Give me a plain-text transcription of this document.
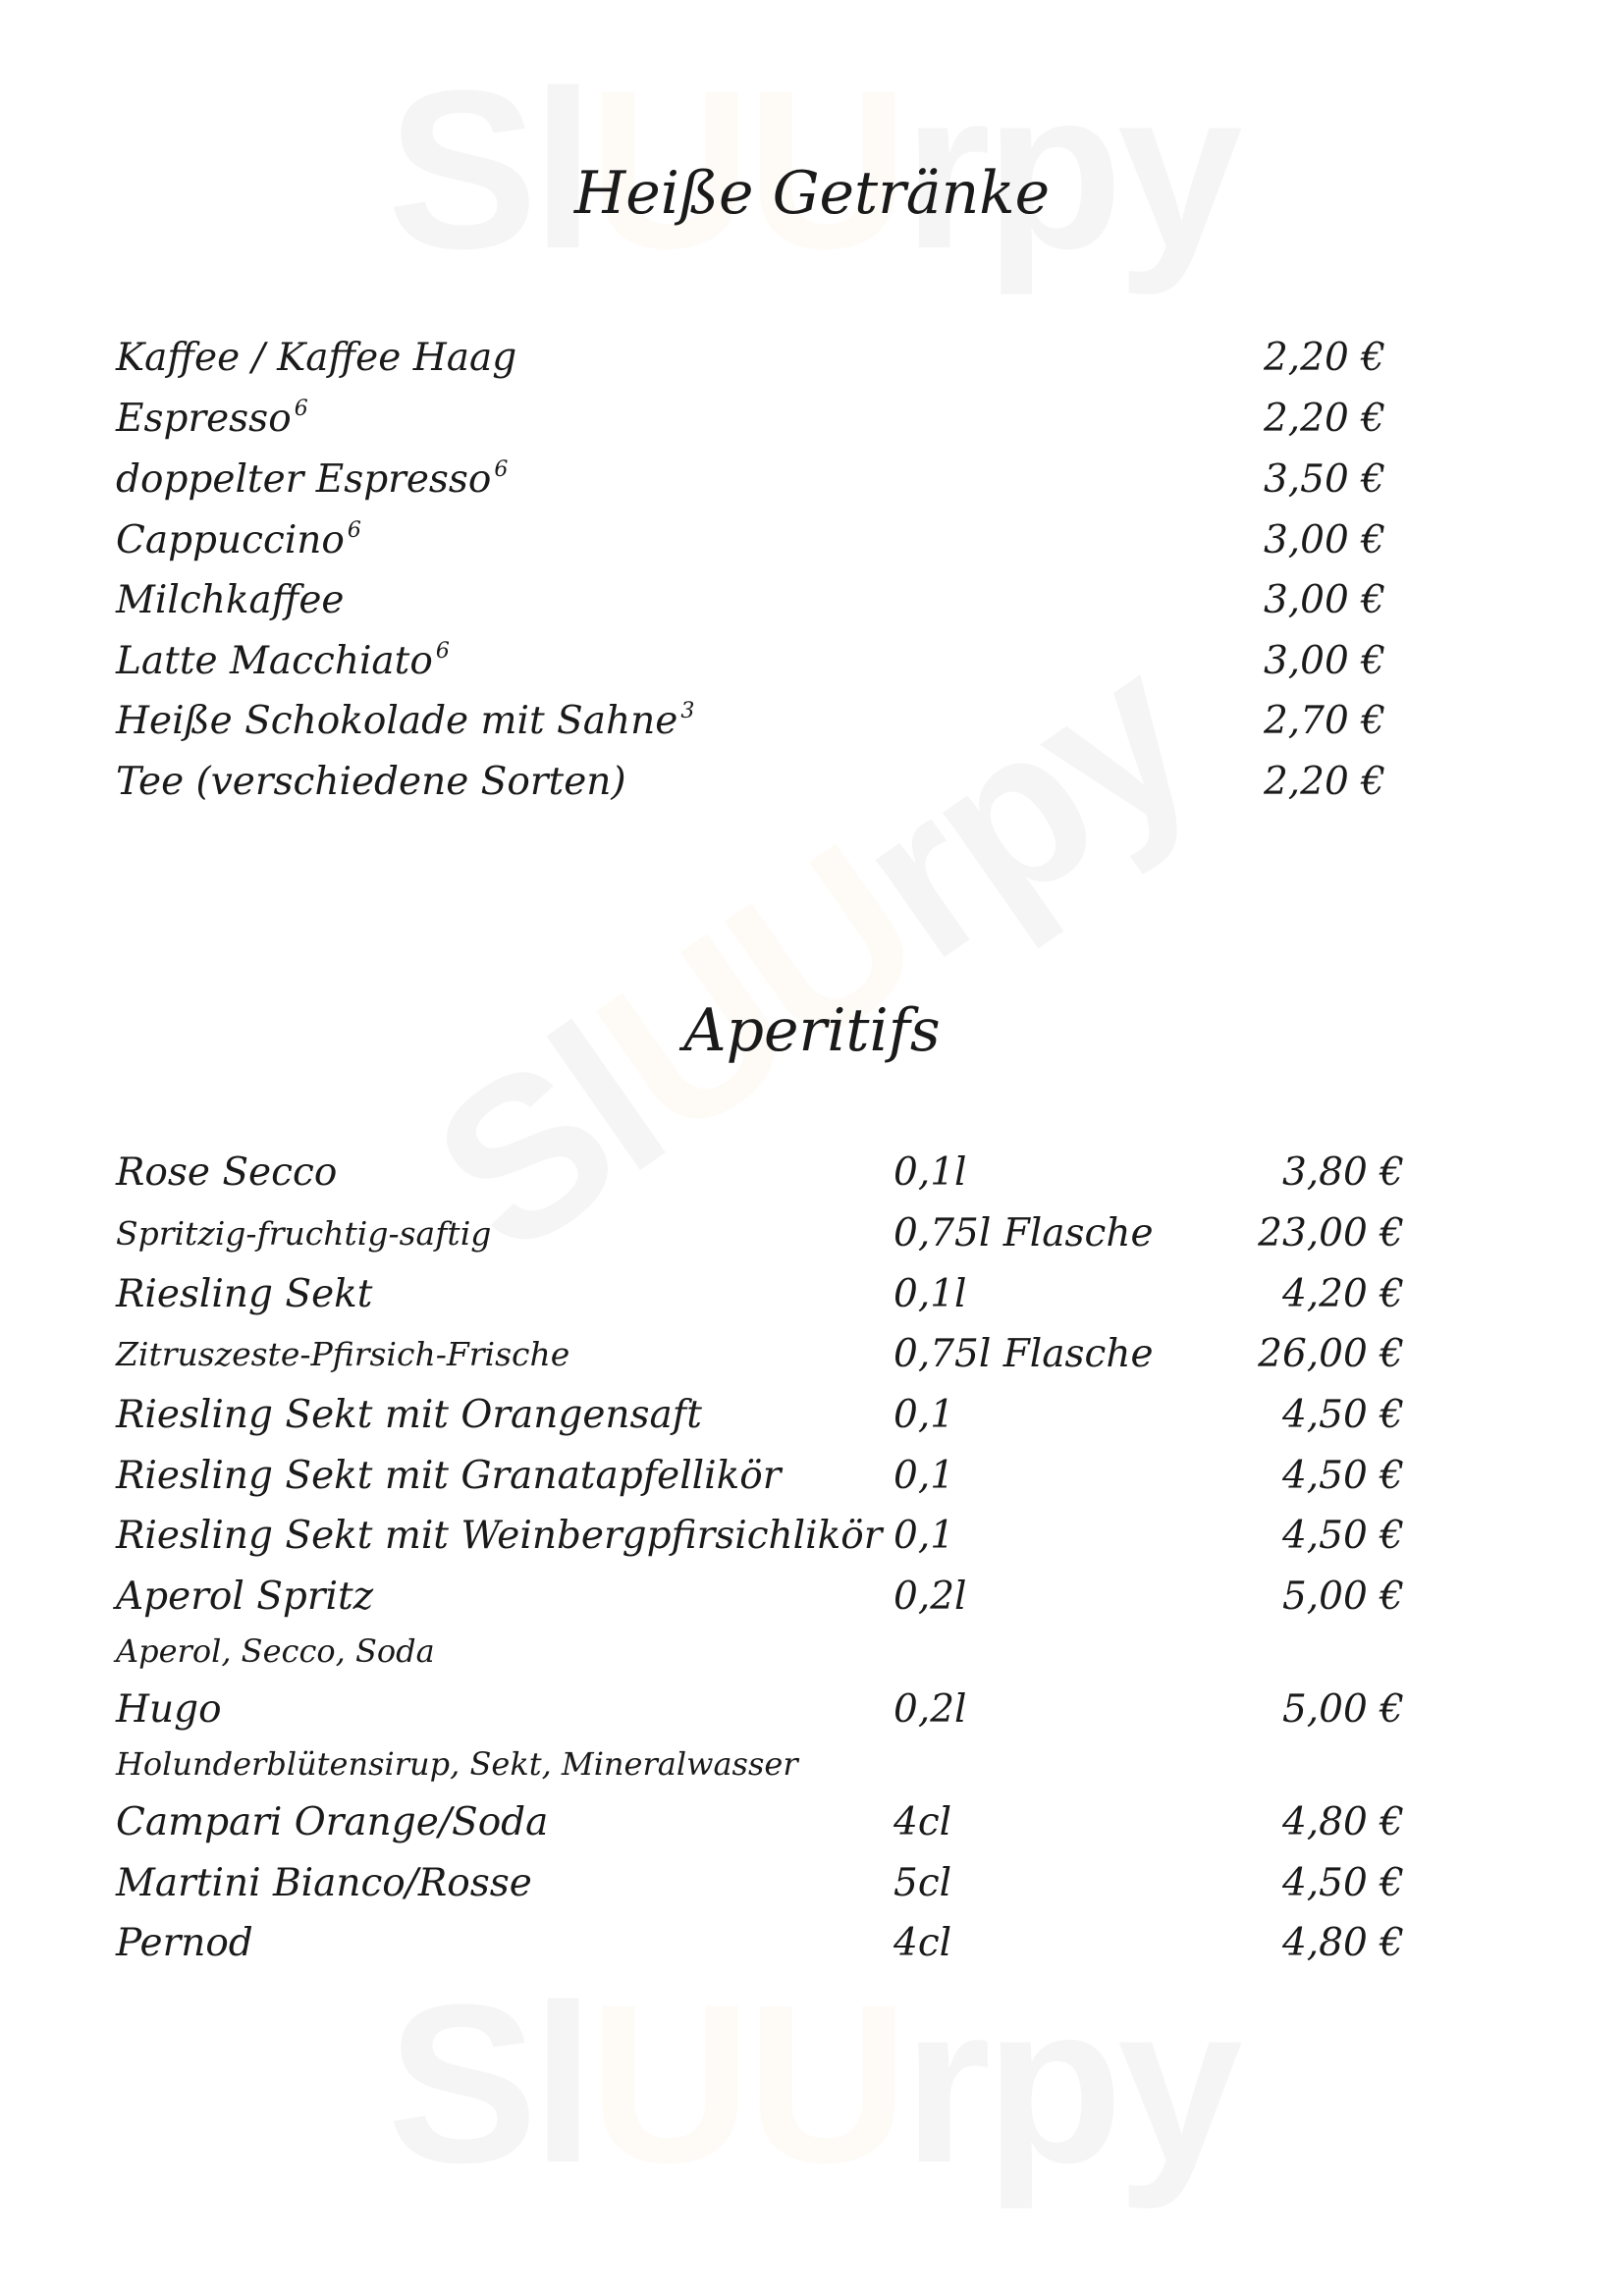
Heiße Getränke
Kaffee / Kaffee Haag	2,20 €
Espresso $^6$	2,20 €
doppelter Espresso $^6$	3,50 €
Cappuccino $^6$	3,00 €
Milchkaffee	3,00 €
Latte Macchiato $^6$	3,00 €
Heiße Schokolade mit Sahne $^3$	2,70 €
Tee (verschiedene Sorten)	2,20 €
Aperitifs
Rose Secco	0,1l	3,80 €
Spritzig-fruchtig-saftig	0,75l Flasche	23,00 €
Riesling Sekt	0,1l	4,20 €
Zitruszeste-Pfirsich-Frische	0,75l Flasche	26,00 €
Riesling Sekt mit Orangensaft	0,1	4,50 €
Riesling Sekt mit Granatapfellikör	0,1	4,50 €
Riesling Sekt mit Weinbergpfirsichlikör 0,1	4,50 €
Aperol Spritz	0,2l	5,00 €
Aperol, Secco, Soda
Hugo	0,2l	5,00 €
Holunderblütensirup, Sekt, Mineralwasser
Campari Orange/Soda	4cl	4,80 €
Martini Bianco/Rosse	5cl	4,50 €
Pernod	4cl	4,80 €
